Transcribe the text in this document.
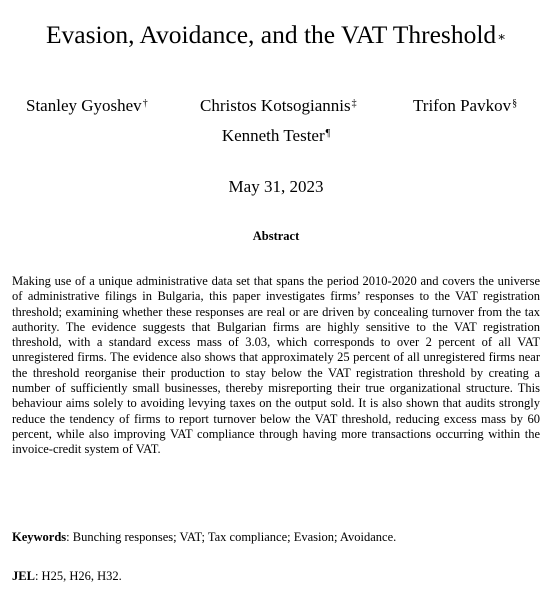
Evasion, Avoidance, and the VAT Threshold∗
Stanley Gyoshev†	Christos Kotsogiannis‡	Trifon Pavkov§
Kenneth Tester¶
May 31, 2023
Abstract
Making use of a unique administrative data set that spans the period 2010-2020 and covers the universe of administrative filings in Bulgaria, this paper investigates firms’ responses to the VAT registration threshold; examining whether these responses are real or are driven by concealing turnover from the tax authority. The evidence suggests that Bulgarian firms are highly sensitive to the VAT registration threshold, with a standard excess mass of 3.03, which corresponds to over 2 percent of all VAT unregistered firms. The evidence also shows that approximately 25 percent of all unregistered firms near the threshold reorganise their production to stay below the VAT registration threshold by creating a number of sufficiently small businesses, thereby misreporting their true organizational structure. This behaviour aims solely to avoiding levying taxes on the output sold. It is also shown that audits strongly reduce the tendency of firms to report turnover below the VAT threshold, reducing excess mass by 60 percent, while also improving VAT compliance through having more transactions occurring within the invoice-credit system of VAT.
Keywords: Bunching responses; VAT; Tax compliance; Evasion; Avoidance.
JEL: H25, H26, H32.
